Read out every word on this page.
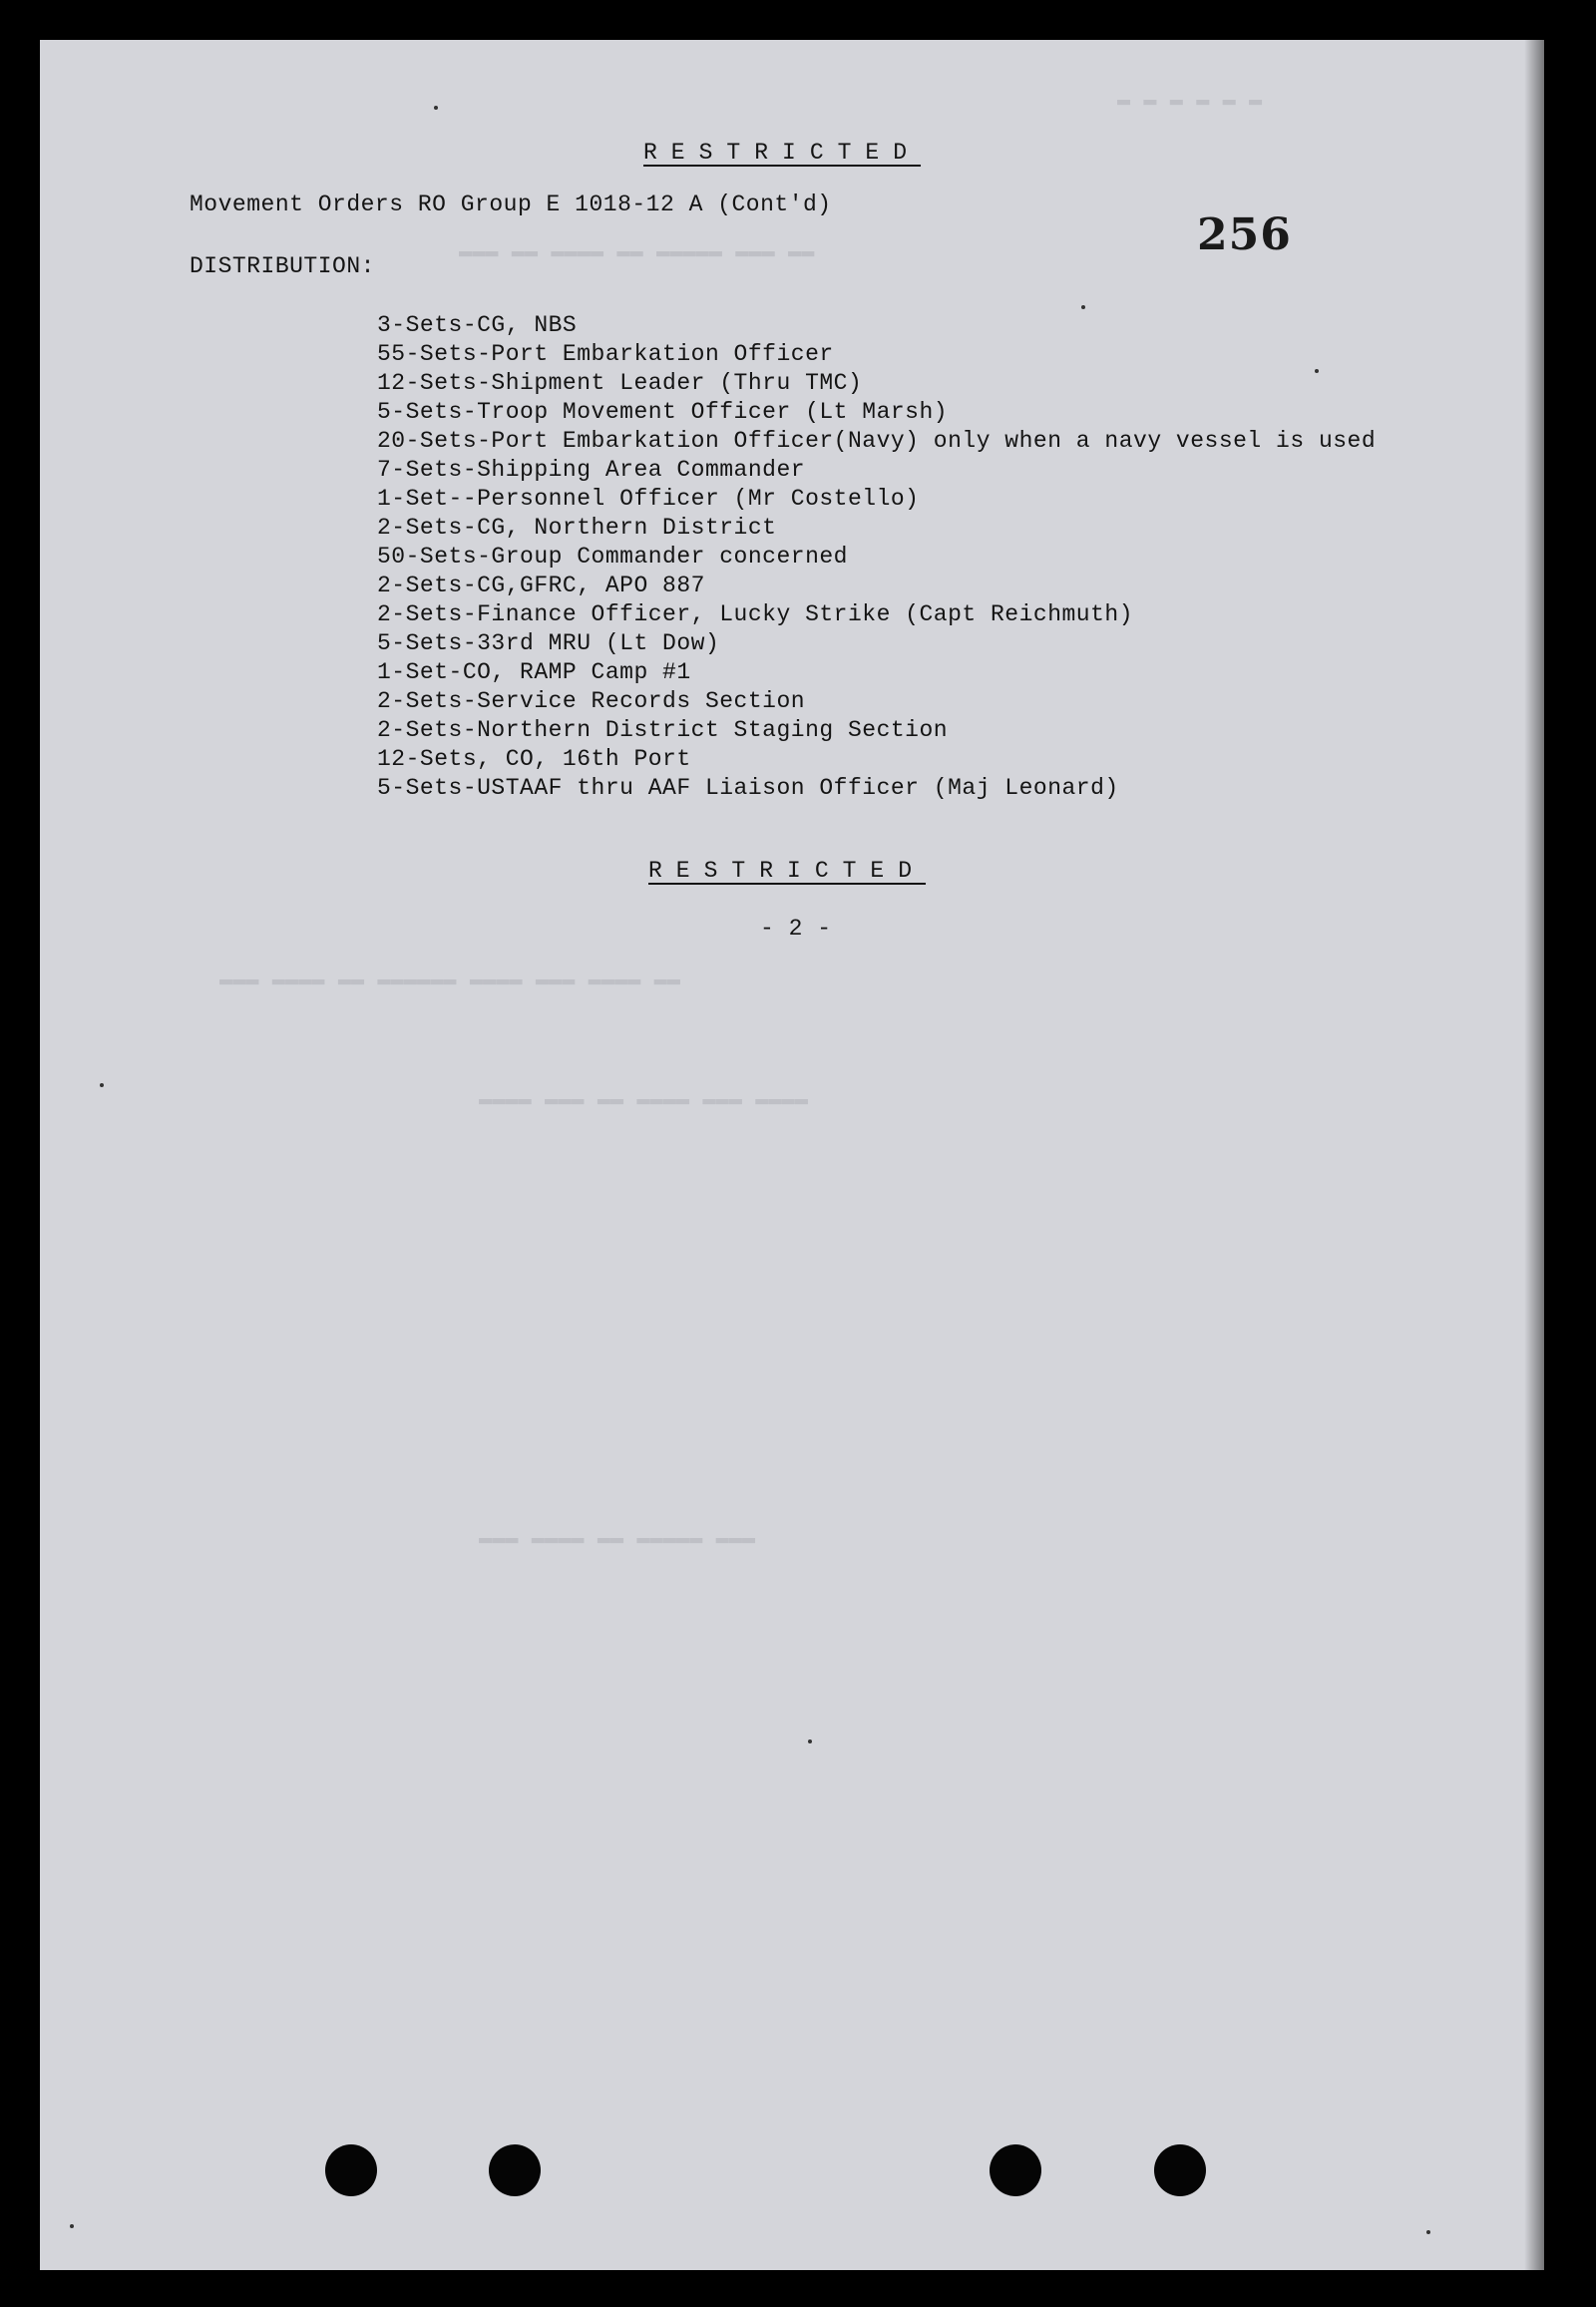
▬ ▬ ▬ ▬ ▬ ▬
▬▬▬ ▬▬ ▬▬▬▬ ▬▬ ▬▬▬▬▬ ▬▬▬ ▬▬
▬▬▬ ▬▬▬▬ ▬▬ ▬▬▬▬▬▬ ▬▬▬▬ ▬▬▬ ▬▬▬▬ ▬▬
▬▬▬▬ ▬▬▬ ▬▬ ▬▬▬▬ ▬▬▬ ▬▬▬▬
▬▬▬ ▬▬▬▬ ▬▬ ▬▬▬▬▬ ▬▬▬
RESTRICTED
Movement Orders RO Group E 1018-12 A (Cont'd)
256
DISTRIBUTION:
3-Sets-CG, NBS
55-Sets-Port Embarkation Officer
12-Sets-Shipment Leader (Thru TMC)
5-Sets-Troop Movement Officer (Lt Marsh)
20-Sets-Port Embarkation Officer(Navy) only when a navy vessel is used
7-Sets-Shipping Area Commander
1-Set--Personnel Officer (Mr Costello)
2-Sets-CG, Northern District
50-Sets-Group Commander concerned
2-Sets-CG,GFRC, APO 887
2-Sets-Finance Officer, Lucky Strike (Capt Reichmuth)
5-Sets-33rd MRU (Lt Dow)
1-Set-CO, RAMP Camp #1
2-Sets-Service Records Section
2-Sets-Northern District Staging Section
12-Sets, CO, 16th Port
5-Sets-USTAAF thru AAF Liaison Officer (Maj Leonard)
RESTRICTED
- 2 -
